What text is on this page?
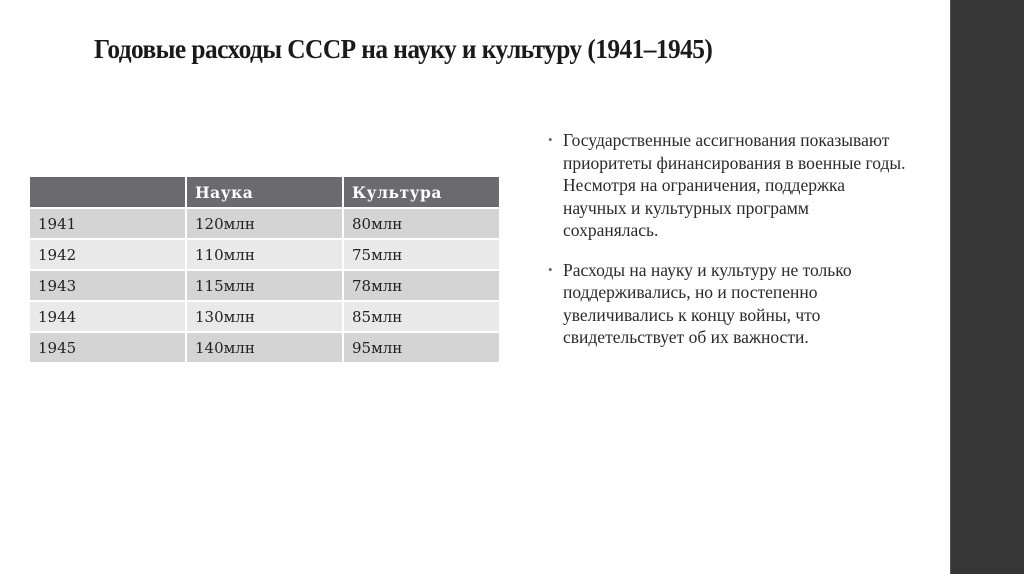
Годовые расходы СССР на науку и культуру (1941–1945)
	Наука	Культура
1941	120млн	80млн
1942	110млн	75млн
1943	115млн	78млн
1944	130млн	85млн
1945	140млн	95млн
• Государственные ассигнования показывают приоритеты финансирования в военные годы. Несмотря на ограничения, поддержка научных и культурных программ сохранялась.
• Расходы на науку и культуру не только поддерживались, но и постепенно увеличивались к концу войны, что свидетельствует об их важности.
